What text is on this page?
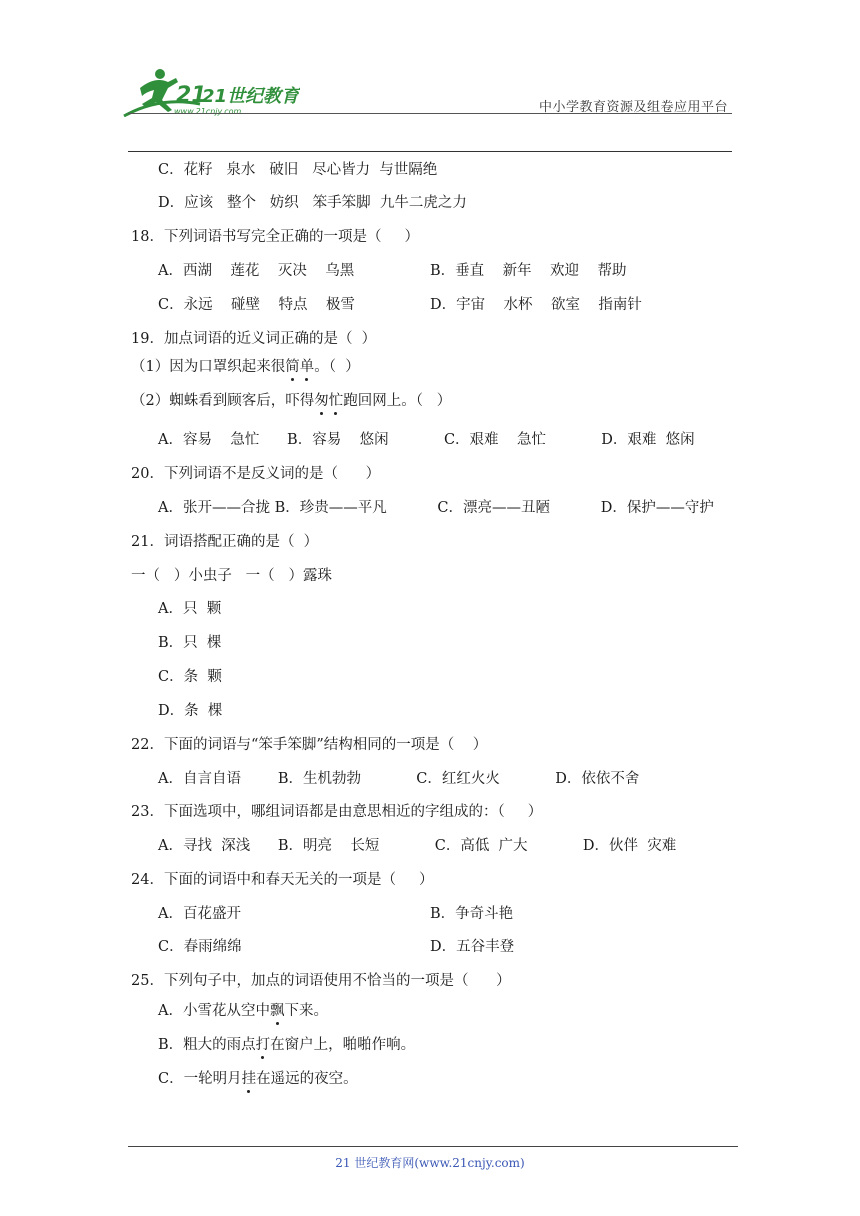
21
21世纪教育
www.21cnjy.com	中小学教育资源及组卷应用平台
C．花籽   泉水   破旧   尽心皆力  与世隔绝
D．应该   整个   妨织   笨手笨脚  九牛二虎之力
18．下列词语书写完全正确的一项是（     ）
A．西湖    莲花    灭决    乌黑	B．垂直    新年    欢迎    帮助
C．永远    碰壁    特点    极雪	D．宇宙    水杯    欲室    指南针
19．加点词语的近义词正确的是（  ）
（1）因为口罩织起来很简单。（  ）
（2）蜘蛛看到顾客后，吓得匆忙跑回网上。（   ）
A．容易    急忙      B．容易    悠闲            C．艰难    急忙            D．艰难  悠闲
20．下列词语不是反义词的是（      ）
A．张开——合拢 B．珍贵——平凡           C．漂亮——丑陋           D．保护——守护
21．词语搭配正确的是（  ）
一（   ）小虫子   一（   ）露珠
A．只  颗
B．只  棵
C．条  颗
D．条  棵
22．下面的词语与“笨手笨脚”结构相同的一项是（    ）
A．自言自语        B．生机勃勃            C．红红火火            D．依依不舍
23．下面选项中，哪组词语都是由意思相近的字组成的：（     ）
A．寻找  深浅      B．明亮    长短            C．高低  广大            D．伙伴  灾难
24．下面的词语中和春天无关的一项是（     ）
A．百花盛开	B．争奇斗艳
C．春雨绵绵	D．五谷丰登
25．下列句子中，加点的词语使用不恰当的一项是（      ）
A．小雪花从空中飘下来。
B．粗大的雨点打在窗户上，啪啪作响。
C．一轮明月挂在遥远的夜空。
21 世纪教育网(www.21cnjy.com)
